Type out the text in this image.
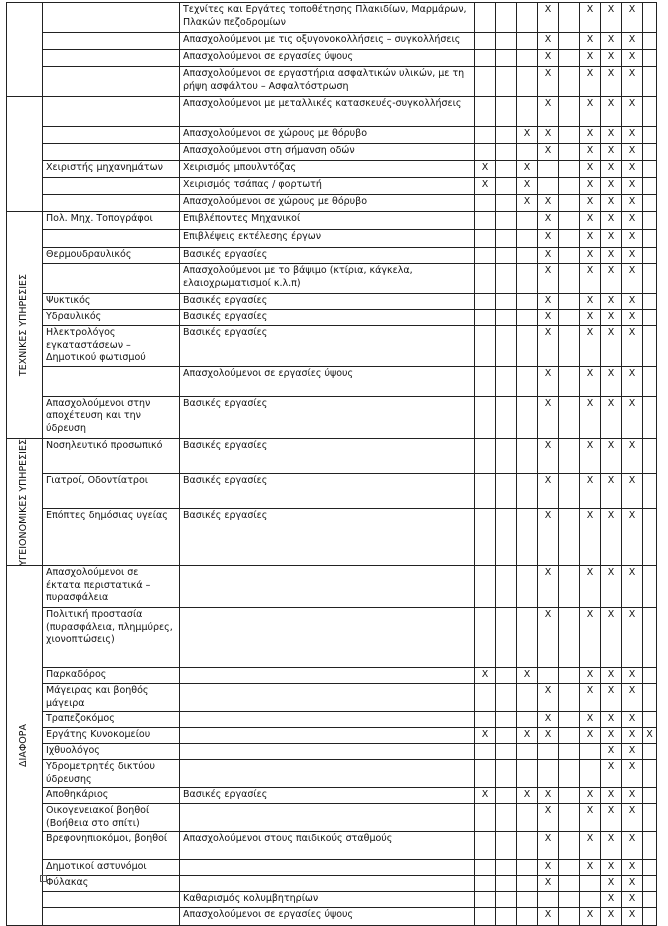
		Τεχνίτες και Εργάτες τοποθέτησης Πλακιδίων, Μαρμάρων, Πλακών πεζοδρομίων				X		X	X	X	
		Απασχολούμενοι με τις οξυγονοκολλήσεις – συγκολλήσεις				X		X	X	X	
		Απασχολούμενοι σε εργασίες ύψους				X		X	X	X	
		Απασχολούμενοι σε εργαστήρια ασφαλτικών υλικών, με τη ρήψη ασφάλτου – Ασφαλτόστρωση				X		X	X	X	

		Απασχολούμενοι με μεταλλικές κατασκευές-συγκολλήσεις				X		X	X	X	
		Απασχολούμενοι σε χώρους με θόρυβο			X	X		X	X	X	
		Απασχολούμενοι στη σήμανση οδών				X		X	X	X	
	Χειριστής μηχανημάτων	Χειρισμός μπουλντόζας	X		X			X	X	X	
		Χειρισμός τσάπας / φορτωτή	X		X			X	X	X	
		Απασχολούμενοι σε χώρους με θόρυβο			X	X		X	X	X	

ΤΕΧΝΙΚΕΣ ΥΠΗΡΕΣΙΕΣ	Πολ. Μηχ. Τοπογράφοι	Επιβλέποντες Μηχανικοί				X		X	X	X	
		Επιβλέψεις εκτέλεσης έργων				X		X	X	X	
	Θερμουδραυλικός	Βασικές εργασίες				X		X	X	X	
		Απασχολούμενοι με το βάψιμο (κτίρια, κάγκελα, ελαιοχρωματισμοί κ.λ.π)				X		X	X	X	
	Ψυκτικός	Βασικές εργασίες				X		X	X	X	
	Υδραυλικός	Βασικές εργασίες				X		X	X	X	
	Ηλεκτρολόγος εγκαταστάσεων – Δημοτικού φωτισμού	Βασικές εργασίες				X		X	X	X	
		Απασχολούμενοι σε εργασίες ύψους				X		X	X	X	
	Απασχολούμενοι στην αποχέτευση και την ύδρευση	Βασικές εργασίες				X		X	X	X	

ΥΓΕΙΟΝΟΜΙΚΕΣ ΥΠΗΡΕΣΙΕΣ	Νοσηλευτικό προσωπικό	Βασικές εργασίες				X		X	X	X	
	Γιατροί, Οδοντίατροι	Βασικές εργασίες				X		X	X	X	
	Επόπτες δημόσιας υγείας	Βασικές εργασίες				X		X	X	X	

ΔΙΑΦΟΡΑ	Απασχολούμενοι σε έκτατα περιστατικά – πυρασφάλεια					X		X	X	X	
	Πολιτική προστασία (πυρασφάλεια, πλημμύρες, χιονοπτώσεις)					X		X	X	X	
	Παρκαδόρος		X		X			X	X	X	
	Μάγειρας και βοηθός μάγειρα					X		X	X	X	
	Τραπεζοκόμος					X		X	X	X	
	Εργάτης Κυνοκομείου		X		X	X		X	X	X	X
	Ιχθυολόγος								X	X	
	Υδρομετρητές δικτύου ύδρευσης								X	X	
	Αποθηκάριος	Βασικές εργασίες	X		X	X		X	X	X	
	Οικογενειακοί βοηθοί (Βοήθεια στο σπίτι)					X		X	X	X	
	Βρεφονηπιοκόμοι, βοηθοί	Απασχολούμενοι στους παιδικούς σταθμούς				X		X	X	X	
	Δημοτικοί αστυνόμοι					X		X	X	X	
	Φύλακας					X			X	X	
		Καθαρισμός κολυμβητηρίων							X	X	
		Απασχολούμενοι σε εργασίες ύψους				X		X	X	X	
